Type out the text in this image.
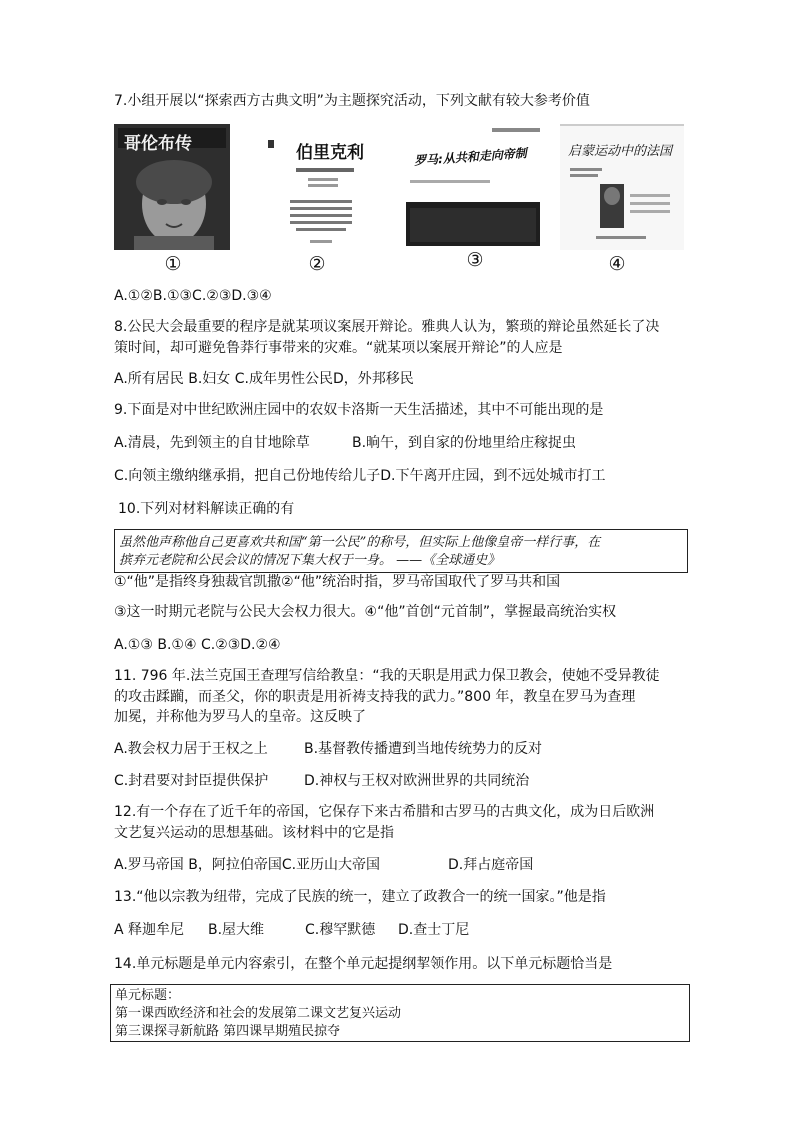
7.小组开展以“探索西方古典文明”为主题探究活动，下列文献有较大参考价值
哥伦布传	伯里克利	罗马:从共和走向帝制	启蒙运动中的法国
①	②	③	④
A.①②B.①③C.②③D.③④
8.公民大会最重要的程序是就某项议案展开辩论。雅典人认为，繁琐的辩论虽然延长了决
策时间，却可避免鲁莽行事带来的灾难。“就某项以案展开辩论”的人应是
A.所有居民 B.妇女 C.成年男性公民D，外邦移民
9.下面是对中世纪欧洲庄园中的农奴卡洛斯一天生活描述，其中不可能出现的是
A.清晨，先到领主的自甘地除草	B.晌午，到自家的份地里给庄稼捉虫
C.向领主缴纳继承捐，把自己份地传给儿子D.下午离开庄园，到不远处城市打工
10.下列对材料解读正确的有
虽然他声称他自己更喜欢共和国“第一公民”的称号，但实际上他像皇帝一样行事，在
摈弃元老院和公民会议的情况下集大权于一身。 ——《全球通史》
①“他”是指终身独裁官凯撒②“他”统治时指，罗马帝国取代了罗马共和国
③这一时期元老院与公民大会权力很大。④“他”首创“元首制”，掌握最高统治实权
A.①③ B.①④ C.②③D.②④
11. 796 年.法兰克国王查理写信给教皇：“我的天职是用武力保卫教会，使她不受异教徒
的攻击蹂躏，而圣父，你的职责是用祈祷支持我的武力。”800 年，教皇在罗马为查理
加冕，并称他为罗马人的皇帝。这反映了
A.教会权力居于王权之上	B.基督教传播遭到当地传统势力的反对
C.封君要对封臣提供保护	D.神权与王权对欧洲世界的共同统治
12.有一个存在了近千年的帝国，它保存下来古希腊和古罗马的古典文化，成为日后欧洲
文艺复兴运动的思想基础。该材料中的它是指
A.罗马帝国 B，阿拉伯帝国C.亚历山大帝国	D.拜占庭帝国
13.“他以宗教为纽带，完成了民族的统一，建立了政教合一的统一国家。”他是指
A 释迦牟尼 B.屋大维	C.穆罕默德 D.查士丁尼
14.单元标题是单元内容索引，在整个单元起提纲挈领作用。以下单元标题恰当是
单元标题：
第一课西欧经济和社会的发展第二课文艺复兴运动
第三课探寻新航路 第四课早期殖民掠夺
